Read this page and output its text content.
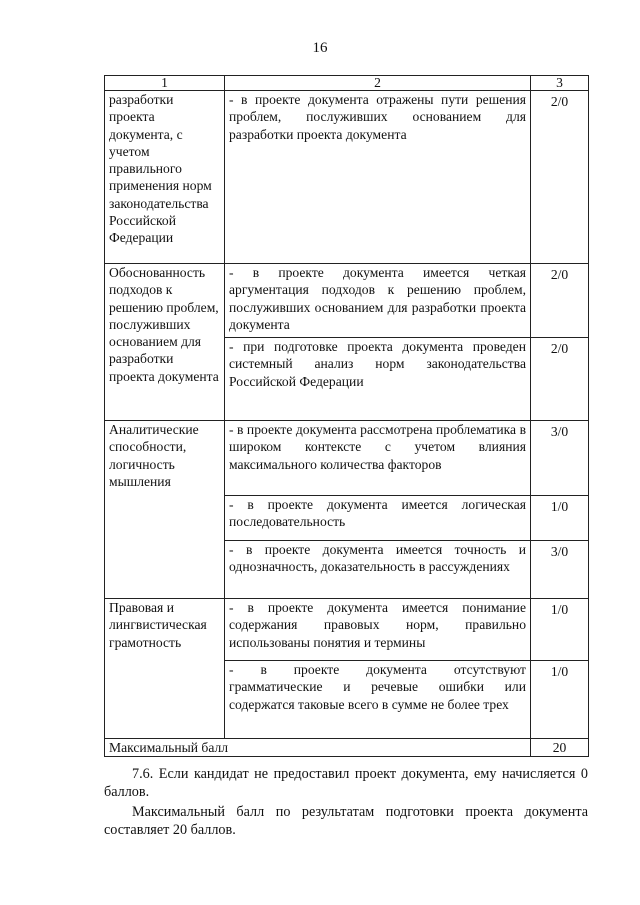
16
1	2	3
разработки проекта документа, с учетом правильного применения норм законодательства Российской Федерации	- в проекте документа отражены пути решения проблем, послуживших основанием для разработки проекта документа	2/0
Обоснованность подходов к решению проблем, послуживших основанием для разработки проекта документа	- в проекте документа имеется четкая аргументация подходов к решению проблем, послуживших основанием для разработки проекта документа	2/0
	- при подготовке проекта документа проведен системный анализ норм законодательства Российской Федерации	2/0
Аналитические способности, логичность мышления	- в проекте документа рассмотрена проблематика в широком контексте с учетом влияния максимального количества факторов	3/0
	- в проекте документа имеется логическая последовательность	1/0
	- в проекте документа имеется точность и однозначность, доказательность в рассуждениях	3/0
Правовая и лингвистическая грамотность	- в проекте документа имеется понимание содержания правовых норм, правильно использованы понятия и термины	1/0
	- в проекте документа отсутствуют грамматические и речевые ошибки или содержатся таковые всего в сумме не более трех	1/0
Максимальный балл		20
7.6. Если кандидат не предоставил проект документа, ему начисляется 0 баллов.
Максимальный балл по результатам подготовки проекта документа составляет 20 баллов.
